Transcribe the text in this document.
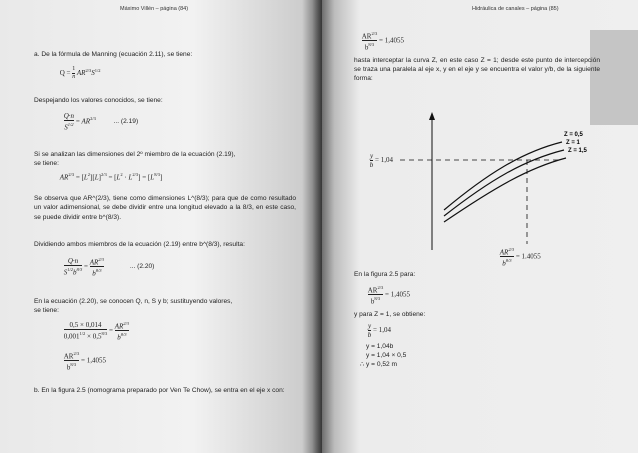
Máximo Villén – página (84)
a. De la fórmula de Manning (ecuación 2.11), se tiene:
$Q = \frac{1}{n} AR^{2/3}S^{1/2}$
Despejando los valores conocidos, se tiene:
$\frac{Q\cdot n}{S^{1/2}} = AR^{2/3}$	... (2.19)
Si se analizan las dimensiones del 2º miembro de la ecuación (2.19),
se tiene:
$AR^{2/3} = [L^2][L]^{2/3} = [L^2 \cdot L^{2/3}] = [L^{8/3}]$
Se observa que AR^(2/3), tiene como dimensiones L^(8/3); para que de como resultado un valor adimensional, se debe dividir entre una longitud elevado a la 8/3, en este caso, se puede dividir entre b^(8/3).
Dividiendo ambos miembros de la ecuación (2.19) entre b^(8/3), resulta:
$\frac{Q\cdot n}{S^{1/2}b^{8/3}} = \frac{AR^{2/3}}{b^{8/3}}$	... (2.20)
En la ecuación (2.20), se conocen Q, n, S y b; sustituyendo valores,
se tiene:
$\frac{0,5 \times 0,014}{0,001^{1/2} \times 0,5^{8/3}} = \frac{AR^{2/3}}{b^{8/3}}$
$\frac{AR^{2/3}}{b^{8/3}} = 1,4055$
b. En la figura 2.5 (nomograma preparado por Ven Te Chow), se entra en el eje x con:
Hidráulica de canales – página (85)
$\frac{AR^{2/3}}{b^{8/3}} = 1,4055$
hasta interceptar la curva Z, en este caso Z = 1; desde este punto de intercepción se traza una paralela al eje x, y en el eje y se encuentra el valor y/b, de la siguiente forma:
Z = 0,5
Z = 1
Z = 1,5
$\frac{y}{b} = 1,04$
$\frac{AR^{2/3}}{b^{8/3}} = 1.4055$
En la figura 2.5 para:
$\frac{AR^{2/3}}{b^{8/3}} = 1,4055$
y para Z = 1, se obtiene:
$\frac{y}{b} = 1,04$
y = 1,04b
y = 1,04 × 0,5
∴ y = 0,52 m
